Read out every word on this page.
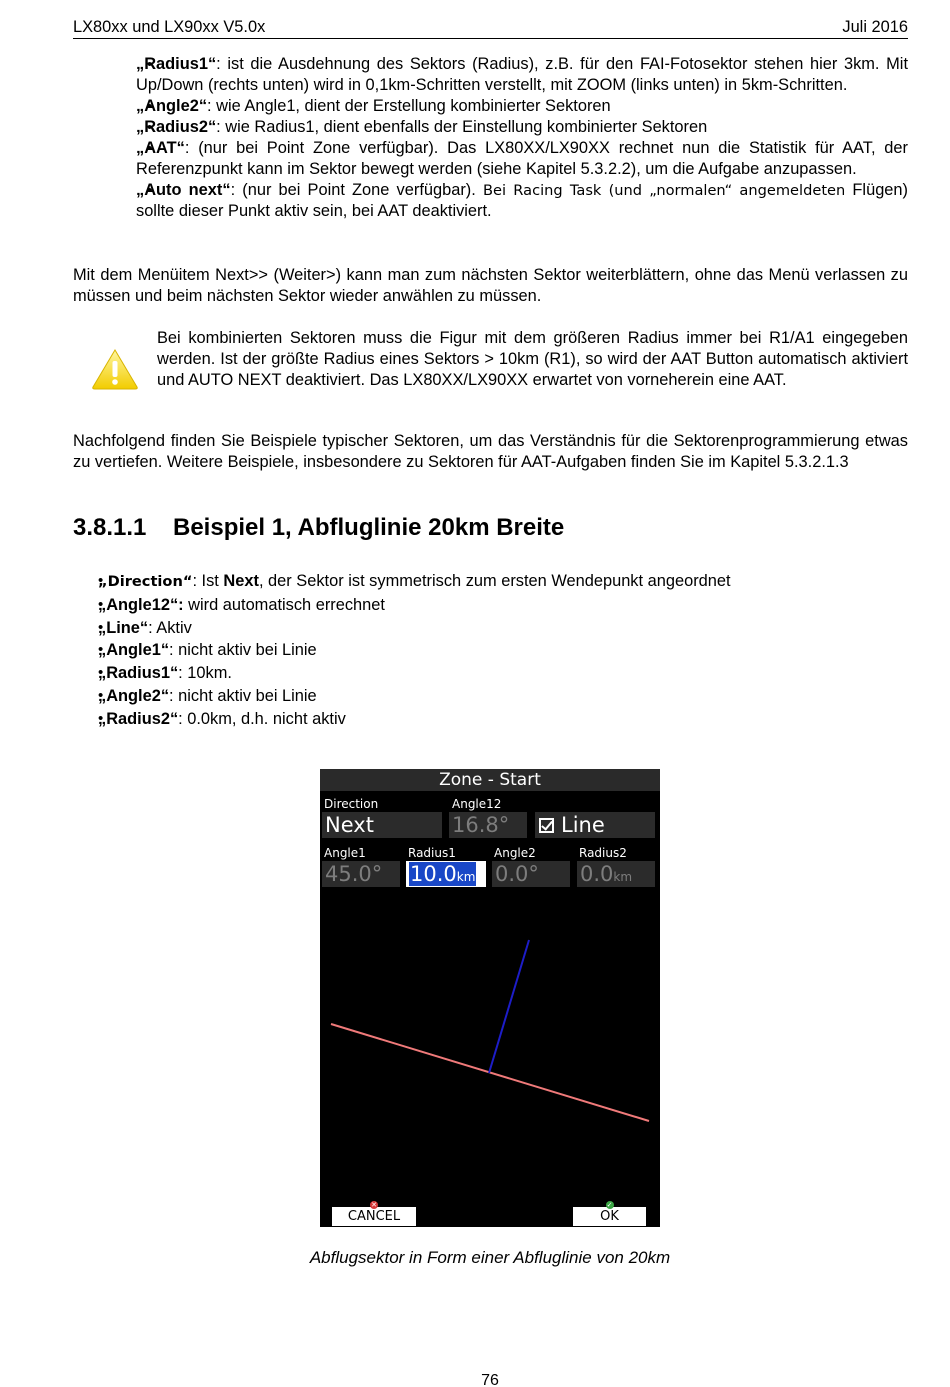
LX80xx und LX90xx V5.0x	Juli 2016
• „Radius1“: ist die Ausdehnung des Sektors (Radius), z.B. für den FAI-Fotosektor stehen hier 3km. Mit Up/Down (rechts unten) wird in 0,1km-Schritten verstellt, mit ZOOM (links unten) in 5km-Schritten.
• „Angle2“: wie Angle1, dient der Erstellung kombinierter Sektoren
• „Radius2“: wie Radius1, dient ebenfalls der Einstellung kombinierter Sektoren
• „AAT“: (nur bei Point Zone verfügbar). Das LX80XX/LX90XX rechnet nun die Statistik für AAT, der Referenzpunkt kann im Sektor bewegt werden (siehe Kapitel 5.3.2.2), um die Aufgabe anzupassen.
• „Auto next“: (nur bei Point Zone verfügbar). Bei Racing Task (und „normalen“ angemeldeten Flügen) sollte dieser Punkt aktiv sein, bei AAT deaktiviert.

Mit dem Menüitem Next>> (Weiter>) kann man zum nächsten Sektor weiterblättern, ohne das Menü verlassen zu müssen und beim nächsten Sektor wieder anwählen zu müssen.

Bei kombinierten Sektoren muss die Figur mit dem größeren Radius immer bei R1/A1 eingegeben werden. Ist der größte Radius eines Sektors > 10km (R1), so wird der AAT Button automatisch aktiviert und AUTO NEXT deaktiviert. Das LX80XX/LX90XX erwartet von vorneherein eine AAT.

Nachfolgend finden Sie Beispiele typischer Sektoren, um das Verständnis für die Sektorenprogrammierung etwas zu vertiefen. Weitere Beispiele, insbesondere zu Sektoren für AAT-Aufgaben finden Sie im Kapitel 5.3.2.1.3

3.8.1.1 Beispiel 1, Abfluglinie 20km Breite
• „Direction“: Ist Next, der Sektor ist symmetrisch zum ersten Wendepunkt angeordnet
• „Angle12“: wird automatisch errechnet
• „Line“: Aktiv
• „Angle1“: nicht aktiv bei Linie
• „Radius1“: 10km.
• „Angle2“: nicht aktiv bei Linie
• „Radius2“: 0.0km, d.h. nicht aktiv
Zone - Start
Direction
Next
Angle12
16.8°	Line
Angle1
45.0°
Radius1
10.0km
Angle2
0.0°
Radius2
0.0km
✕
CANCEL
✓
OK
Abflugsektor in Form einer Abfluglinie von 20km
76
